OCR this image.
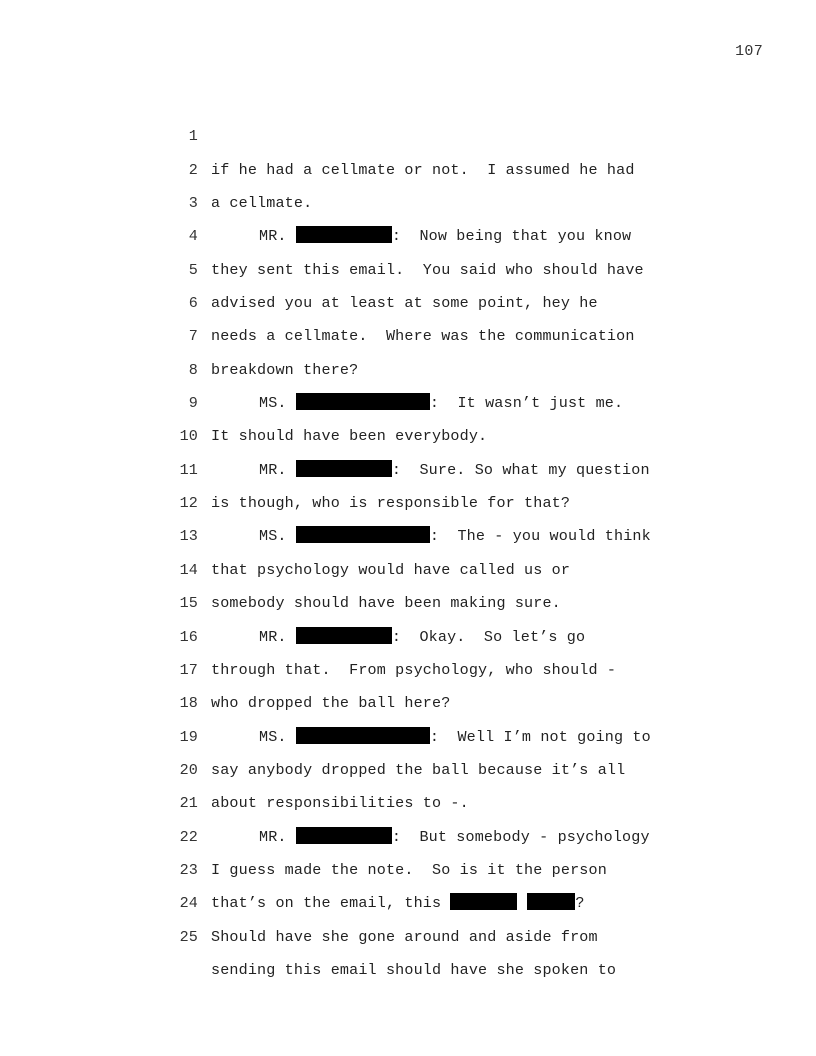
107

1

if he had a cellmate or not.  I assumed he had

2

a cellmate.

3

MR.	:  Now being that you know

4

they sent this email.  You said who should have

5

advised you at least at some point, hey he

6

needs a cellmate.  Where was the communication

7

breakdown there?

8

MS.	:  It wasn’t just me.

9

It should have been everybody.

10

MR.	:  Sure. So what my question

11

is though, who is responsible for that?

12

MS.	:  The - you would think

13

that psychology would have called us or

14

somebody should have been making sure.

15

MR.	:  Okay.  So let’s go

16

through that.  From psychology, who should -

17

who dropped the ball here?

18

MS.	:  Well I’m not going to

19

say anybody dropped the ball because it’s all

20

about responsibilities to -.

21

MR.	:  But somebody - psychology

22

I guess made the note.  So is it the person

23

that’s on the email, this	?

24

Should have she gone around and aside from

25

sending this email should have she spoken to
